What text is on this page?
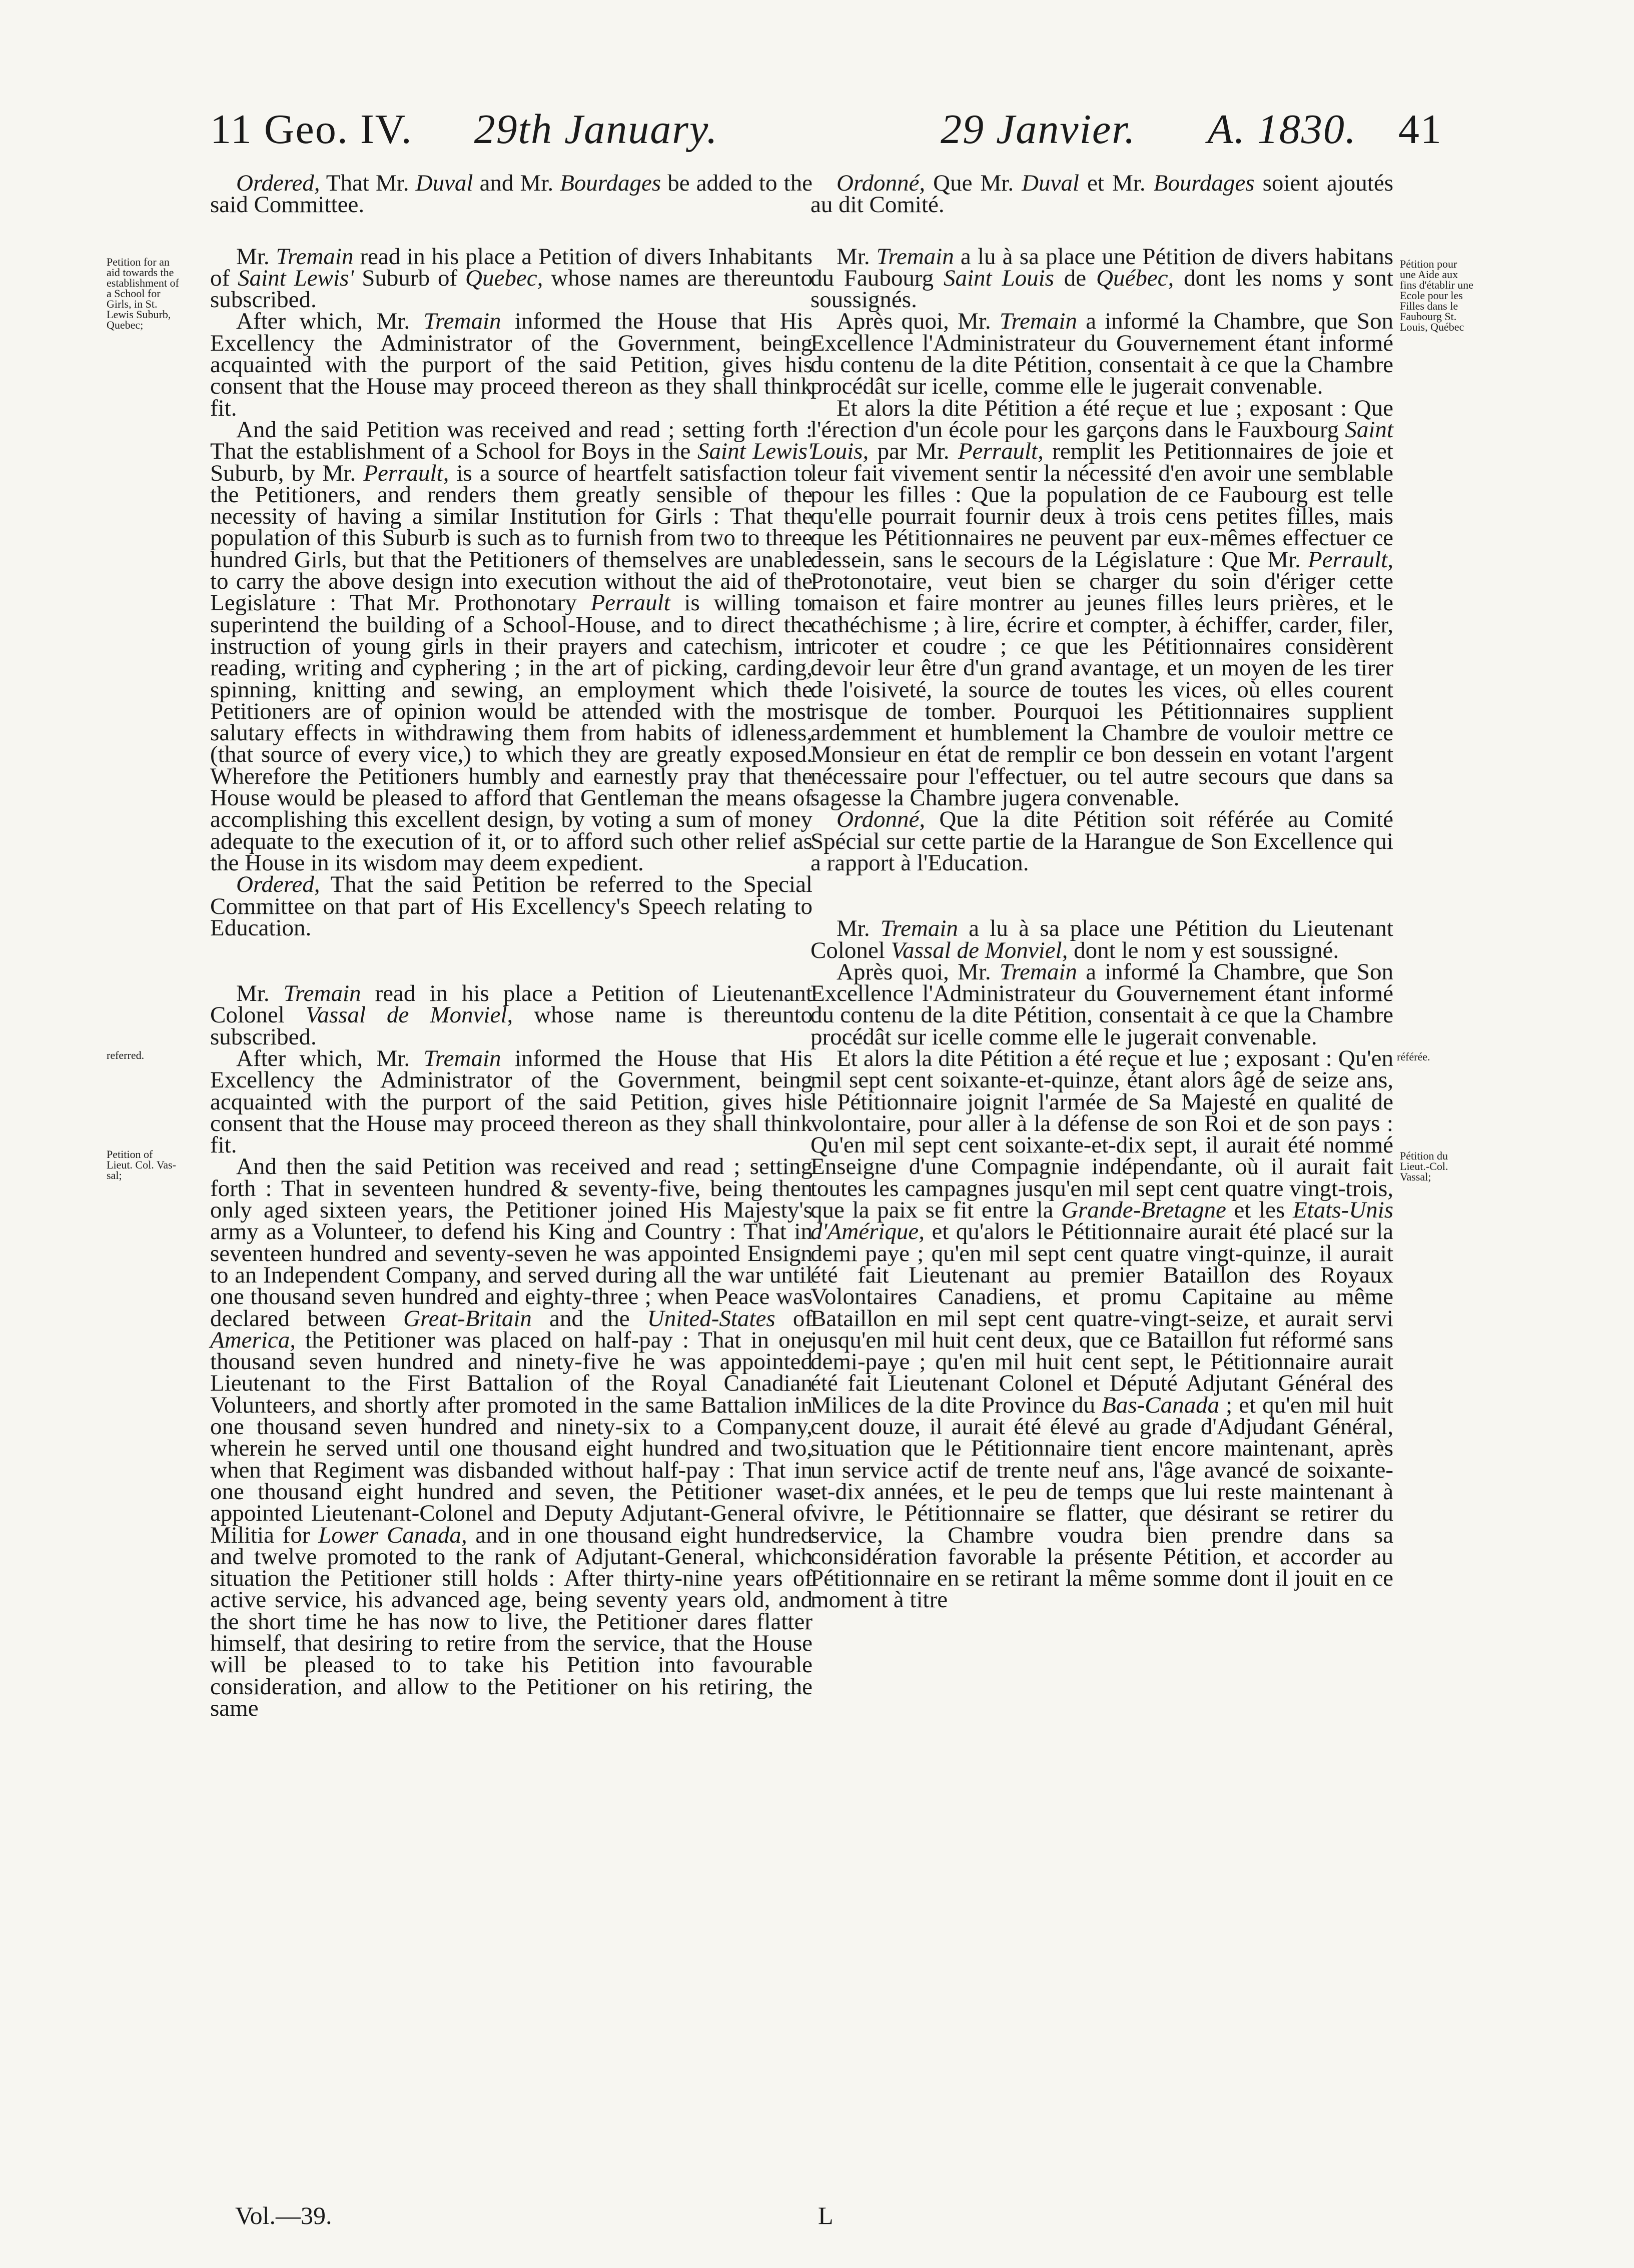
11 Geo. IV. 29th January.	29 Janvier. A. 1830. 41
Petition for an
aid towards the
establishment of
a School for
Girls, in St.
Lewis Suburb,
Quebec;
Pétition pour
une Aide aux
fins d'établir une
Ecole pour les
Filles dans le
Faubourg St.
Louis, Québec
referred.	référée.
Petition of
Lieut. Col. Vas-
sal;
Pétition du
Lieut.-Col.
Vassal;

Ordered, That Mr. Duval and Mr. Bourdages be added to the said Committee.

Mr. Tremain read in his place a Petition of divers Inhabitants of Saint Lewis' Suburb of Quebec, whose names are thereunto subscribed.

After which, Mr. Tremain informed the House that His Excellency the Administrator of the Government, being acquainted with the purport of the said Petition, gives his consent that the House may proceed thereon as they shall think fit.

And the said Petition was received and read ; setting forth : That the establishment of a School for Boys in the Saint Lewis' Suburb, by Mr. Perrault, is a source of heartfelt satisfaction to the Petitioners, and renders them greatly sensible of the necessity of having a similar Institution for Girls : That the population of this Suburb is such as to furnish from two to three hundred Girls, but that the Petitioners of themselves are unable to carry the above design into execution without the aid of the Legislature : That Mr. Prothonotary Perrault is willing to superintend the building of a School-House, and to direct the instruction of young girls in their prayers and catechism, in reading, writing and cyphering ; in the art of picking, carding, spinning, knitting and sewing, an employment which the Petitioners are of opinion would be attended with the most salutary effects in withdrawing them from habits of idleness, (that source of every vice,) to which they are greatly exposed. Wherefore the Petitioners humbly and earnestly pray that the House would be pleased to afford that Gentleman the means of accomplishing this excellent design, by voting a sum of money adequate to the execution of it, or to afford such other relief as the House in its wisdom may deem expedient.

Ordered, That the said Petition be referred to the Special Committee on that part of His Excellency's Speech relating to Education.

Mr. Tremain read in his place a Petition of Lieutenant Colonel Vassal de Monviel, whose name is thereunto subscribed.

After which, Mr. Tremain informed the House that His Excellency the Administrator of the Government, being acquainted with the purport of the said Petition, gives his consent that the House may proceed thereon as they shall think fit.

And then the said Petition was received and read ; setting forth : That in seventeen hundred & seventy-five, being then only aged sixteen years, the Petitioner joined His Majesty's army as a Volunteer, to defend his King and Country : That in seventeen hundred and seventy-seven he was appointed Ensign to an Independent Company, and served during all the war until one thousand seven hundred and eighty-three ; when Peace was declared between Great-Britain and the United-States of America, the Petitioner was placed on half-pay : That in one thousand seven hundred and ninety-five he was appointed Lieutenant to the First Battalion of the Royal Canadian Volunteers, and shortly after promoted in the same Battalion in one thousand seven hundred and ninety-six to a Company, wherein he served until one thousand eight hundred and two, when that Regiment was disbanded without half-pay : That in one thousand eight hundred and seven, the Petitioner was appointed Lieutenant-Colonel and Deputy Adjutant-General of Militia for Lower Canada, and in one thousand eight hundred and twelve promoted to the rank of Adjutant-General, which situation the Petitioner still holds : After thirty-nine years of active service, his advanced age, being seventy years old, and the short time he has now to live, the Petitioner dares flatter himself, that desiring to retire from the service, that the House will be pleased to to take his Petition into favourable consideration, and allow to the Petitioner on his retiring, the same

Ordonné, Que Mr. Duval et Mr. Bourdages soient ajoutés au dit Comité.

Mr. Tremain a lu à sa place une Pétition de divers habitans du Faubourg Saint Louis de Québec, dont les noms y sont soussignés.

Après quoi, Mr. Tremain a informé la Chambre, que Son Excellence l'Administrateur du Gouvernement étant informé du contenu de la dite Pétition, consentait à ce que la Chambre procédât sur icelle, comme elle le jugerait convenable.

Et alors la dite Pétition a été reçue et lue ; exposant : Que l'érection d'un école pour les garçons dans le Fauxbourg Saint Louis, par Mr. Perrault, remplit les Petitionnaires de joie et leur fait vivement sentir la nécessité d'en avoir une semblable pour les filles : Que la population de ce Faubourg est telle qu'elle pourrait fournir deux à trois cens petites filles, mais que les Pétitionnaires ne peuvent par eux-mêmes effectuer ce dessein, sans le secours de la Législature : Que Mr. Perrault, Protonotaire, veut bien se charger du soin d'ériger cette maison et faire montrer au jeunes filles leurs prières, et le cathéchisme ; à lire, écrire et compter, à échiffer, carder, filer, tricoter et coudre ; ce que les Pétitionnaires considèrent devoir leur être d'un grand avantage, et un moyen de les tirer de l'oisiveté, la source de toutes les vices, où elles courent risque de tomber. Pourquoi les Pétitionnaires supplient ardemment et humblement la Chambre de vouloir mettre ce Monsieur en état de remplir ce bon dessein en votant l'argent nécessaire pour l'effectuer, ou tel autre secours que dans sa sagesse la Chambre jugera convenable.

Ordonné, Que la dite Pétition soit référée au Comité Spécial sur cette partie de la Harangue de Son Excellence qui a rapport à l'Education.

Mr. Tremain a lu à sa place une Pétition du Lieutenant Colonel Vassal de Monviel, dont le nom y est soussigné.

Après quoi, Mr. Tremain a informé la Chambre, que Son Excellence l'Administrateur du Gouvernement étant informé du contenu de la dite Pétition, consentait à ce que la Chambre procédât sur icelle comme elle le jugerait convenable.

Et alors la dite Pétition a été reçue et lue ; exposant : Qu'en mil sept cent soixante-et-quinze, étant alors âgé de seize ans, le Pétitionnaire joignit l'armée de Sa Majesté en qualité de volontaire, pour aller à la défense de son Roi et de son pays : Qu'en mil sept cent soixante-et-dix sept, il aurait été nommé Enseigne d'une Compagnie indépendante, où il aurait fait toutes les campagnes jusqu'en mil sept cent quatre vingt-trois, que la paix se fit entre la Grande-Bretagne et les Etats-Unis d'Amérique, et qu'alors le Pétitionnaire aurait été placé sur la demi paye ; qu'en mil sept cent quatre vingt-quinze, il aurait été fait Lieutenant au premier Bataillon des Royaux Volontaires Canadiens, et promu Capitaine au même Bataillon en mil sept cent quatre-vingt-seize, et aurait servi jusqu'en mil huit cent deux, que ce Bataillon fut réformé sans demi-paye ; qu'en mil huit cent sept, le Pétitionnaire aurait été fait Lieutenant Colonel et Député Adjutant Général des Milices de la dite Province du Bas-Canada ; et qu'en mil huit cent douze, il aurait été élevé au grade d'Adjudant Général, situation que le Pétitionnaire tient encore maintenant, après un service actif de trente neuf ans, l'âge avancé de soixante-et-dix années, et le peu de temps que lui reste maintenant à vivre, le Pétitionnaire se flatter, que désirant se retirer du service, la Chambre voudra bien prendre dans sa considération favorable la présente Pétition, et accorder au Pétitionnaire en se retirant la même somme dont il jouit en ce moment à titre

Vol.—39.	L
